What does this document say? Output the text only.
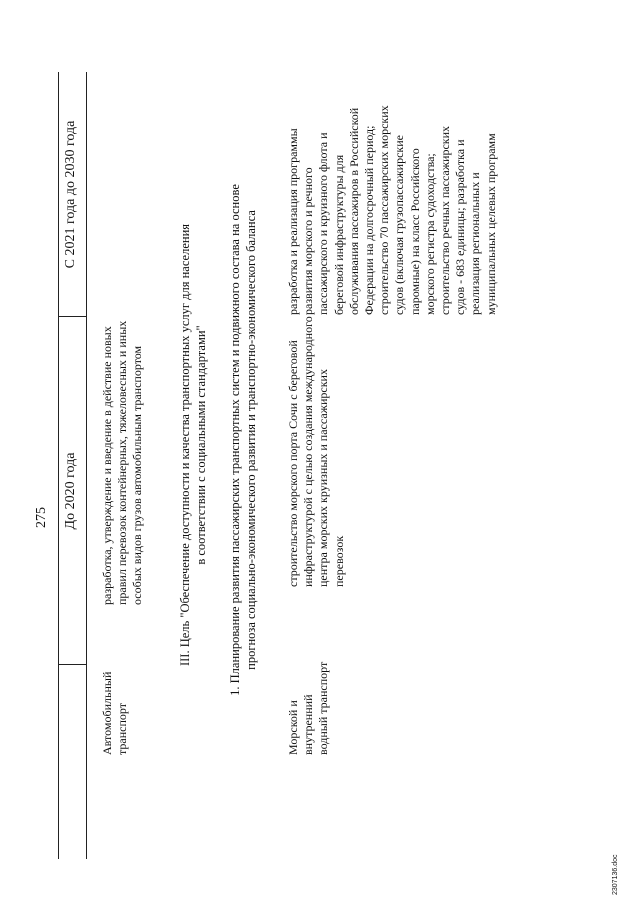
275 До 2020 года
С 2021 года до 2030 года
Автомобильный транспорт
разработка, утверждение и введение в действие новых правил перевозок контейнерных, тяжеловесных и иных особых видов грузов автомобильным транспортом	III. Цель "Обеспечение доступности и качества транспортных услуг для населения в соответствии с социальными стандартами" 1. Планирование развития пассажирских транспортных систем и подвижного состава на основе прогноза социально-экономического развития и транспортно-экономического баланса
Морской и внутренний водный транспорт
строительство морского порта Сочи с береговой инфраструктурой с целью создания международного центра морских круизных и пассажирских перевозок
разработка и реализация программы развития морского и речного пассажирского и круизного флота и береговой инфраструктуры для обслуживания пассажиров в Российской Федерации на долгосрочный период; строительство 70 пассажирских морских судов (включая грузопассажирские паромные) на класс Российского морского регистра судоходства; строительство речных пассажирских судов - 683 единицы; разработка и реализация региональных и муниципальных целевых программ
2307136.doc
